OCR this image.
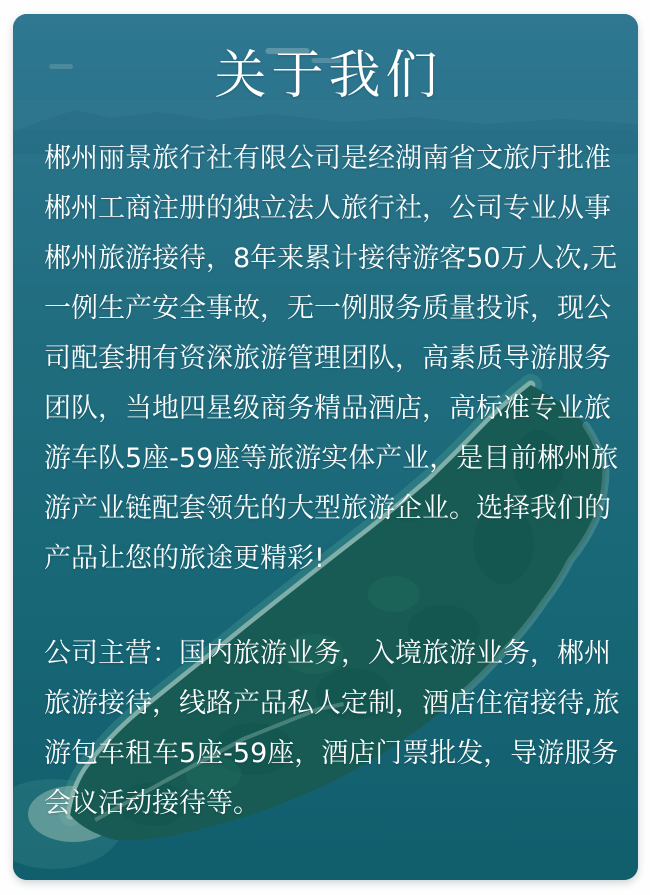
关于我们
郴州丽景旅行社有限公司是经湖南省文旅厅批准
郴州工商注册的独立法人旅行社，公司专业从事
郴州旅游接待，8年来累计接待游客50万人次,无
一例生产安全事故，无一例服务质量投诉，现公
司配套拥有资深旅游管理团队，高素质导游服务
团队，当地四星级商务精品酒店，高标准专业旅
游车队5座-59座等旅游实体产业，是目前郴州旅
游产业链配套领先的大型旅游企业。选择我们的
产品让您的旅途更精彩!
公司主营：国内旅游业务，入境旅游业务，郴州
旅游接待，线路产品私人定制，酒店住宿接待,旅
游包车租车5座-59座，酒店门票批发，导游服务
会议活动接待等。
